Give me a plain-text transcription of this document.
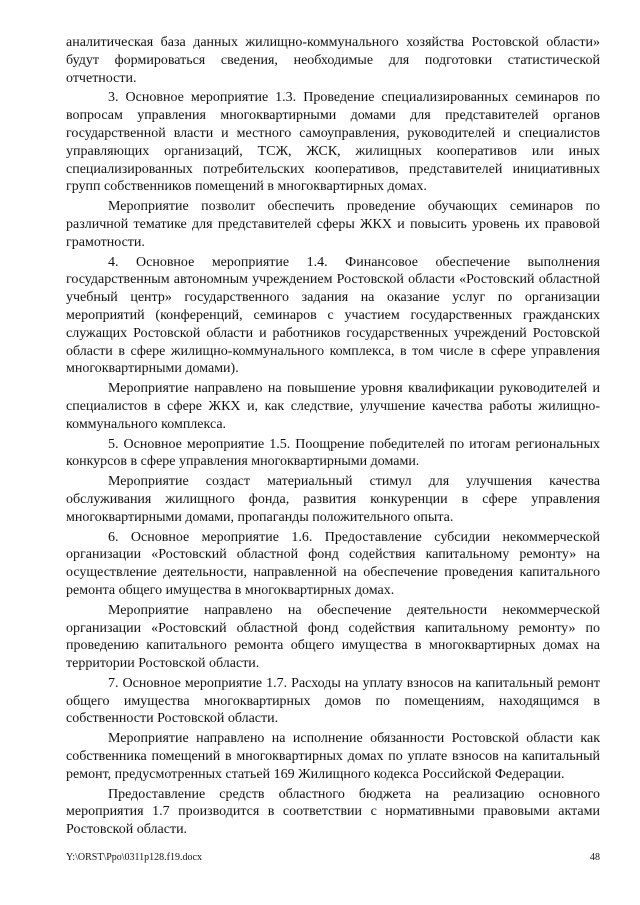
аналитическая база данных жилищно-коммунального хозяйства Ростовской области» будут формироваться сведения, необходимые для подготовки статистической отчетности.

3. Основное мероприятие 1.3. Проведение специализированных семинаров по вопросам управления многоквартирными домами для представителей органов государственной власти и местного самоуправления, руководителей и специалистов управляющих организаций, ТСЖ, ЖСК, жилищных кооперативов или иных специализированных потребительских кооперативов, представителей инициативных групп собственников помещений в многоквартирных домах.

Мероприятие позволит обеспечить проведение обучающих семинаров по различной тематике для представителей сферы ЖКХ и повысить уровень их правовой грамотности.

4. Основное мероприятие 1.4. Финансовое обеспечение выполнения государственным автономным учреждением Ростовской области «Ростовский областной учебный центр» государственного задания на оказание услуг по организации мероприятий (конференций, семинаров с участием государственных гражданских служащих Ростовской области и работников государственных учреждений Ростовской области в сфере жилищно-коммунального комплекса, в том числе в сфере управления многоквартирными домами).

Мероприятие направлено на повышение уровня квалификации руководителей и специалистов в сфере ЖКХ и, как следствие, улучшение качества работы жилищно-коммунального комплекса.

5. Основное мероприятие 1.5. Поощрение победителей по итогам региональных конкурсов в сфере управления многоквартирными домами.

Мероприятие создаст материальный стимул для улучшения качества обслуживания жилищного фонда, развития конкуренции в сфере управления многоквартирными домами, пропаганды положительного опыта.

6. Основное мероприятие 1.6. Предоставление субсидии некоммерческой организации «Ростовский областной фонд содействия капитальному ремонту» на осуществление деятельности, направленной на обеспечение проведения капитального ремонта общего имущества в многоквартирных домах.

Мероприятие направлено на обеспечение деятельности некоммерческой организации «Ростовский областной фонд содействия капитальному ремонту» по проведению капитального ремонта общего имущества в многоквартирных домах на территории Ростовской области.

7. Основное мероприятие 1.7. Расходы на уплату взносов на капитальный ремонт общего имущества многоквартирных домов по помещениям, находящимся в собственности Ростовской области.

Мероприятие направлено на исполнение обязанности Ростовской области как собственника помещений в многоквартирных домах по уплате взносов на капитальный ремонт, предусмотренных статьей 169 Жилищного кодекса Российской Федерации.

Предоставление средств областного бюджета на реализацию основного мероприятия 1.7 производится в соответствии с нормативными правовыми актами Ростовской области.

Y:\ORST\Ppo\0311p128.f19.docx	48
